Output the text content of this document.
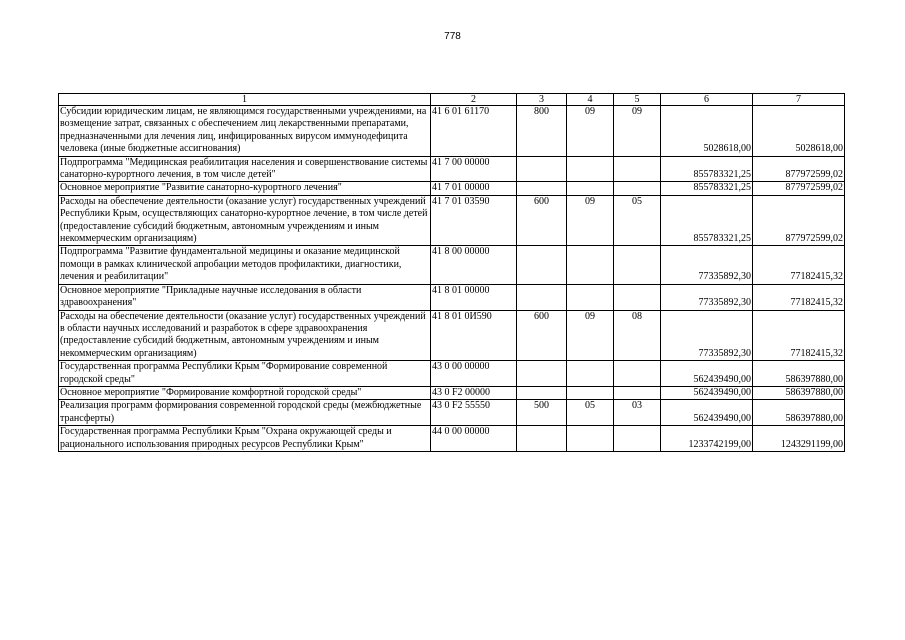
778
1	2	3	4	5	6	7

Субсидии юридическим лицам, не являющимся государственными учреждениями, на возмещение затрат, связанных с обеспечением лиц лекарственными препаратами, предназначенными для лечения лиц, инфицированных вирусом иммунодефицита человека (иные бюджетные ассигнования)	41 6 01 61170	800	09	09	5028618,00	5028618,00

Подпрограмма "Медицинская реабилитация населения и совершенствование системы санаторно-курортного лечения, в том числе детей"	41 7 00 00000				855783321,25	877972599,02

Основное мероприятие "Развитие санаторно-курортного лечения"	41 7 01 00000				855783321,25	877972599,02

Расходы на обеспечение деятельности (оказание услуг) государственных учреждений Республики Крым, осуществляющих санаторно-курортное лечение, в том числе детей (предоставление субсидий бюджетным, автономным учреждениям и иным некоммерческим организациям)	41 7 01 03590	600	09	05	855783321,25	877972599,02

Подпрограмма "Развитие фундаментальной медицины и оказание медицинской помощи в рамках клинической апробации методов профилактики, диагностики, лечения и реабилитации"	41 8 00 00000				77335892,30	77182415,32

Основное мероприятие "Прикладные научные исследования в области здравоохранения"	41 8 01 00000				77335892,30	77182415,32

Расходы на обеспечение деятельности (оказание услуг) государственных учреждений в области научных исследований и разработок в сфере здравоохранения (предоставление субсидий бюджетным, автономным учреждениям и иным некоммерческим организациям)	41 8 01 0И590	600	09	08	77335892,30	77182415,32

Государственная программа Республики Крым "Формирование современной городской среды"	43 0 00 00000				562439490,00	586397880,00

Основное мероприятие "Формирование комфортной городской среды"	43 0 F2 00000				562439490,00	586397880,00

Реализация программ формирования современной городской среды (межбюджетные трансферты)	43 0 F2 55550	500	05	03	562439490,00	586397880,00

Государственная программа Республики Крым "Охрана окружающей среды и рационального использования природных ресурсов Республики Крым"	44 0 00 00000				1233742199,00	1243291199,00
